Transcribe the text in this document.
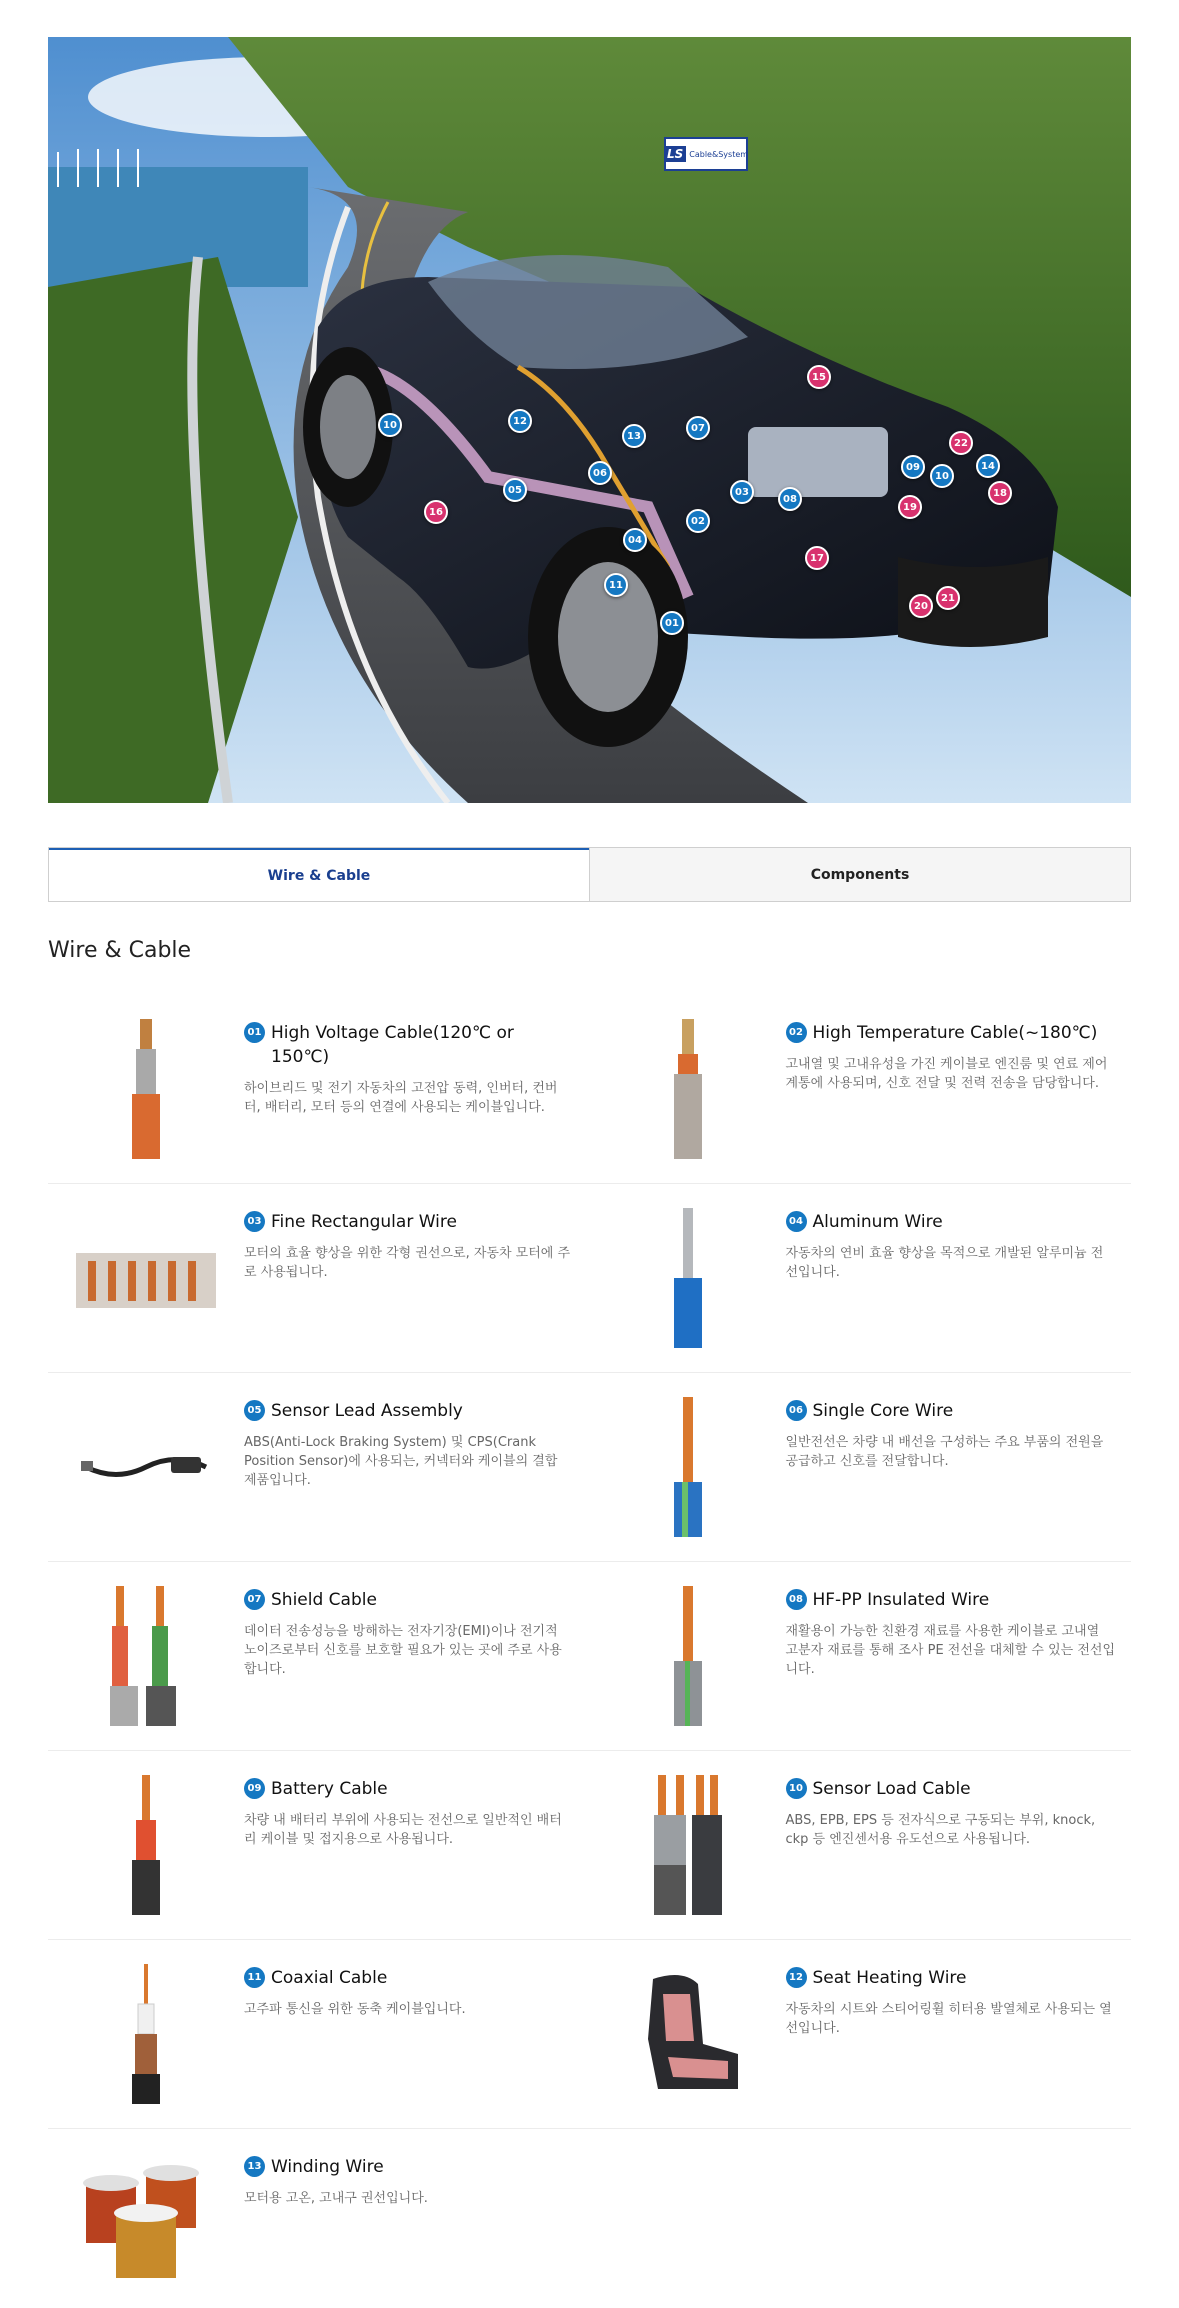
LS Cable&System
15
10	12
13
07
22
09
10
14
05
06
03
08
18
16
02
19
04
17
11
21
20
01
Wire & Cable	Components
Wire & Cable
01 High Voltage Cable(120℃ or 150℃)

하이브리드 및 전기 자동차의 고전압 동력, 인버터, 컨버터, 배터리, 모터 등의 연결에 사용되는 케이블입니다.

02 High Temperature Cable(~180℃)

고내열 및 고내유성을 가진 케이블로 엔진룸 및 연료 제어 계통에 사용되며, 신호 전달 및 전력 전송을 담당합니다.

03 Fine Rectangular Wire

모터의 효율 향상을 위한 각형 권선으로, 자동차 모터에 주로 사용됩니다.

04 Aluminum Wire

자동차의 연비 효율 향상을 목적으로 개발된 알루미늄 전선입니다.

05 Sensor Lead Assembly

ABS(Anti-Lock Braking System) 및 CPS(Crank Position Sensor)에 사용되는, 커넥터와 케이블의 결합 제품입니다.

06 Single Core Wire

일반전선은 차량 내 배선을 구성하는 주요 부품의 전원을 공급하고 신호를 전달합니다.

07 Shield Cable

데이터 전송성능을 방해하는 전자기장(EMI)이나 전기적 노이즈로부터 신호를 보호할 필요가 있는 곳에 주로 사용합니다.

08 HF-PP Insulated Wire

재활용이 가능한 친환경 재료를 사용한 케이블로 고내열 고분자 재료를 통해 조사 PE 전선을 대체할 수 있는 전선입니다.

09 Battery Cable

차량 내 배터리 부위에 사용되는 전선으로 일반적인 배터리 케이블 및 접지용으로 사용됩니다.

10 Sensor Load Cable

ABS, EPB, EPS 등 전자식으로 구동되는 부위, knock, ckp 등 엔진센서용 유도선으로 사용됩니다.

11 Coaxial Cable

고주파 통신을 위한 동축 케이블입니다.

12 Seat Heating Wire

자동차의 시트와 스티어링휠 히터용 발열체로 사용되는 열선입니다.

13 Winding Wire

모터용 고온, 고내구 권선입니다.
